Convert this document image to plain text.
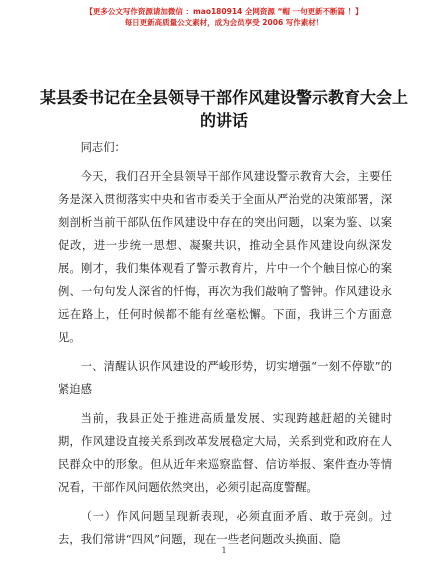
【更多公文写作资源请加微信 ：mao180914 全网资源 “帽 一句更新不断篇 ！】
每日更新高质量公文素材，成为会员享受 2006 写作素材！
某县委书记在全县领导干部作风建设警示教育大会上的讲话

同志们：

今天，我们召开全县领导干部作风建设警示教育大会，主要任务是深入贯彻落实中央和省市委关于全面从严治党的决策部署，深刻剖析当前干部队伍作风建设中存在的突出问题，以案为鉴、以案促改，进一步统一思想、凝聚共识，推动全县作风建设向纵深发展。刚才，我们集体观看了警示教育片，片中一个个触目惊心的案例、一句句发人深省的忏悔，再次为我们敲响了警钟。作风建设永远在路上，任何时候都不能有丝毫松懈。下面，我讲三个方面意见。

一、清醒认识作风建设的严峻形势，切实增强“一刻不停歇”的紧迫感

当前，我县正处于推进高质量发展、实现跨越赶超的关键时期，作风建设直接关系到改革发展稳定大局，关系到党和政府在人民群众中的形象。但从近年来巡察监督、信访举报、案件查办等情况看，干部作风问题依然突出，必须引起高度警醒。

（一）作风问题呈现新表现，必须直面矛盾、敢于亮剑。过去，我们常讲“四风”问题，现在一些老问题改头换面、隐

1
